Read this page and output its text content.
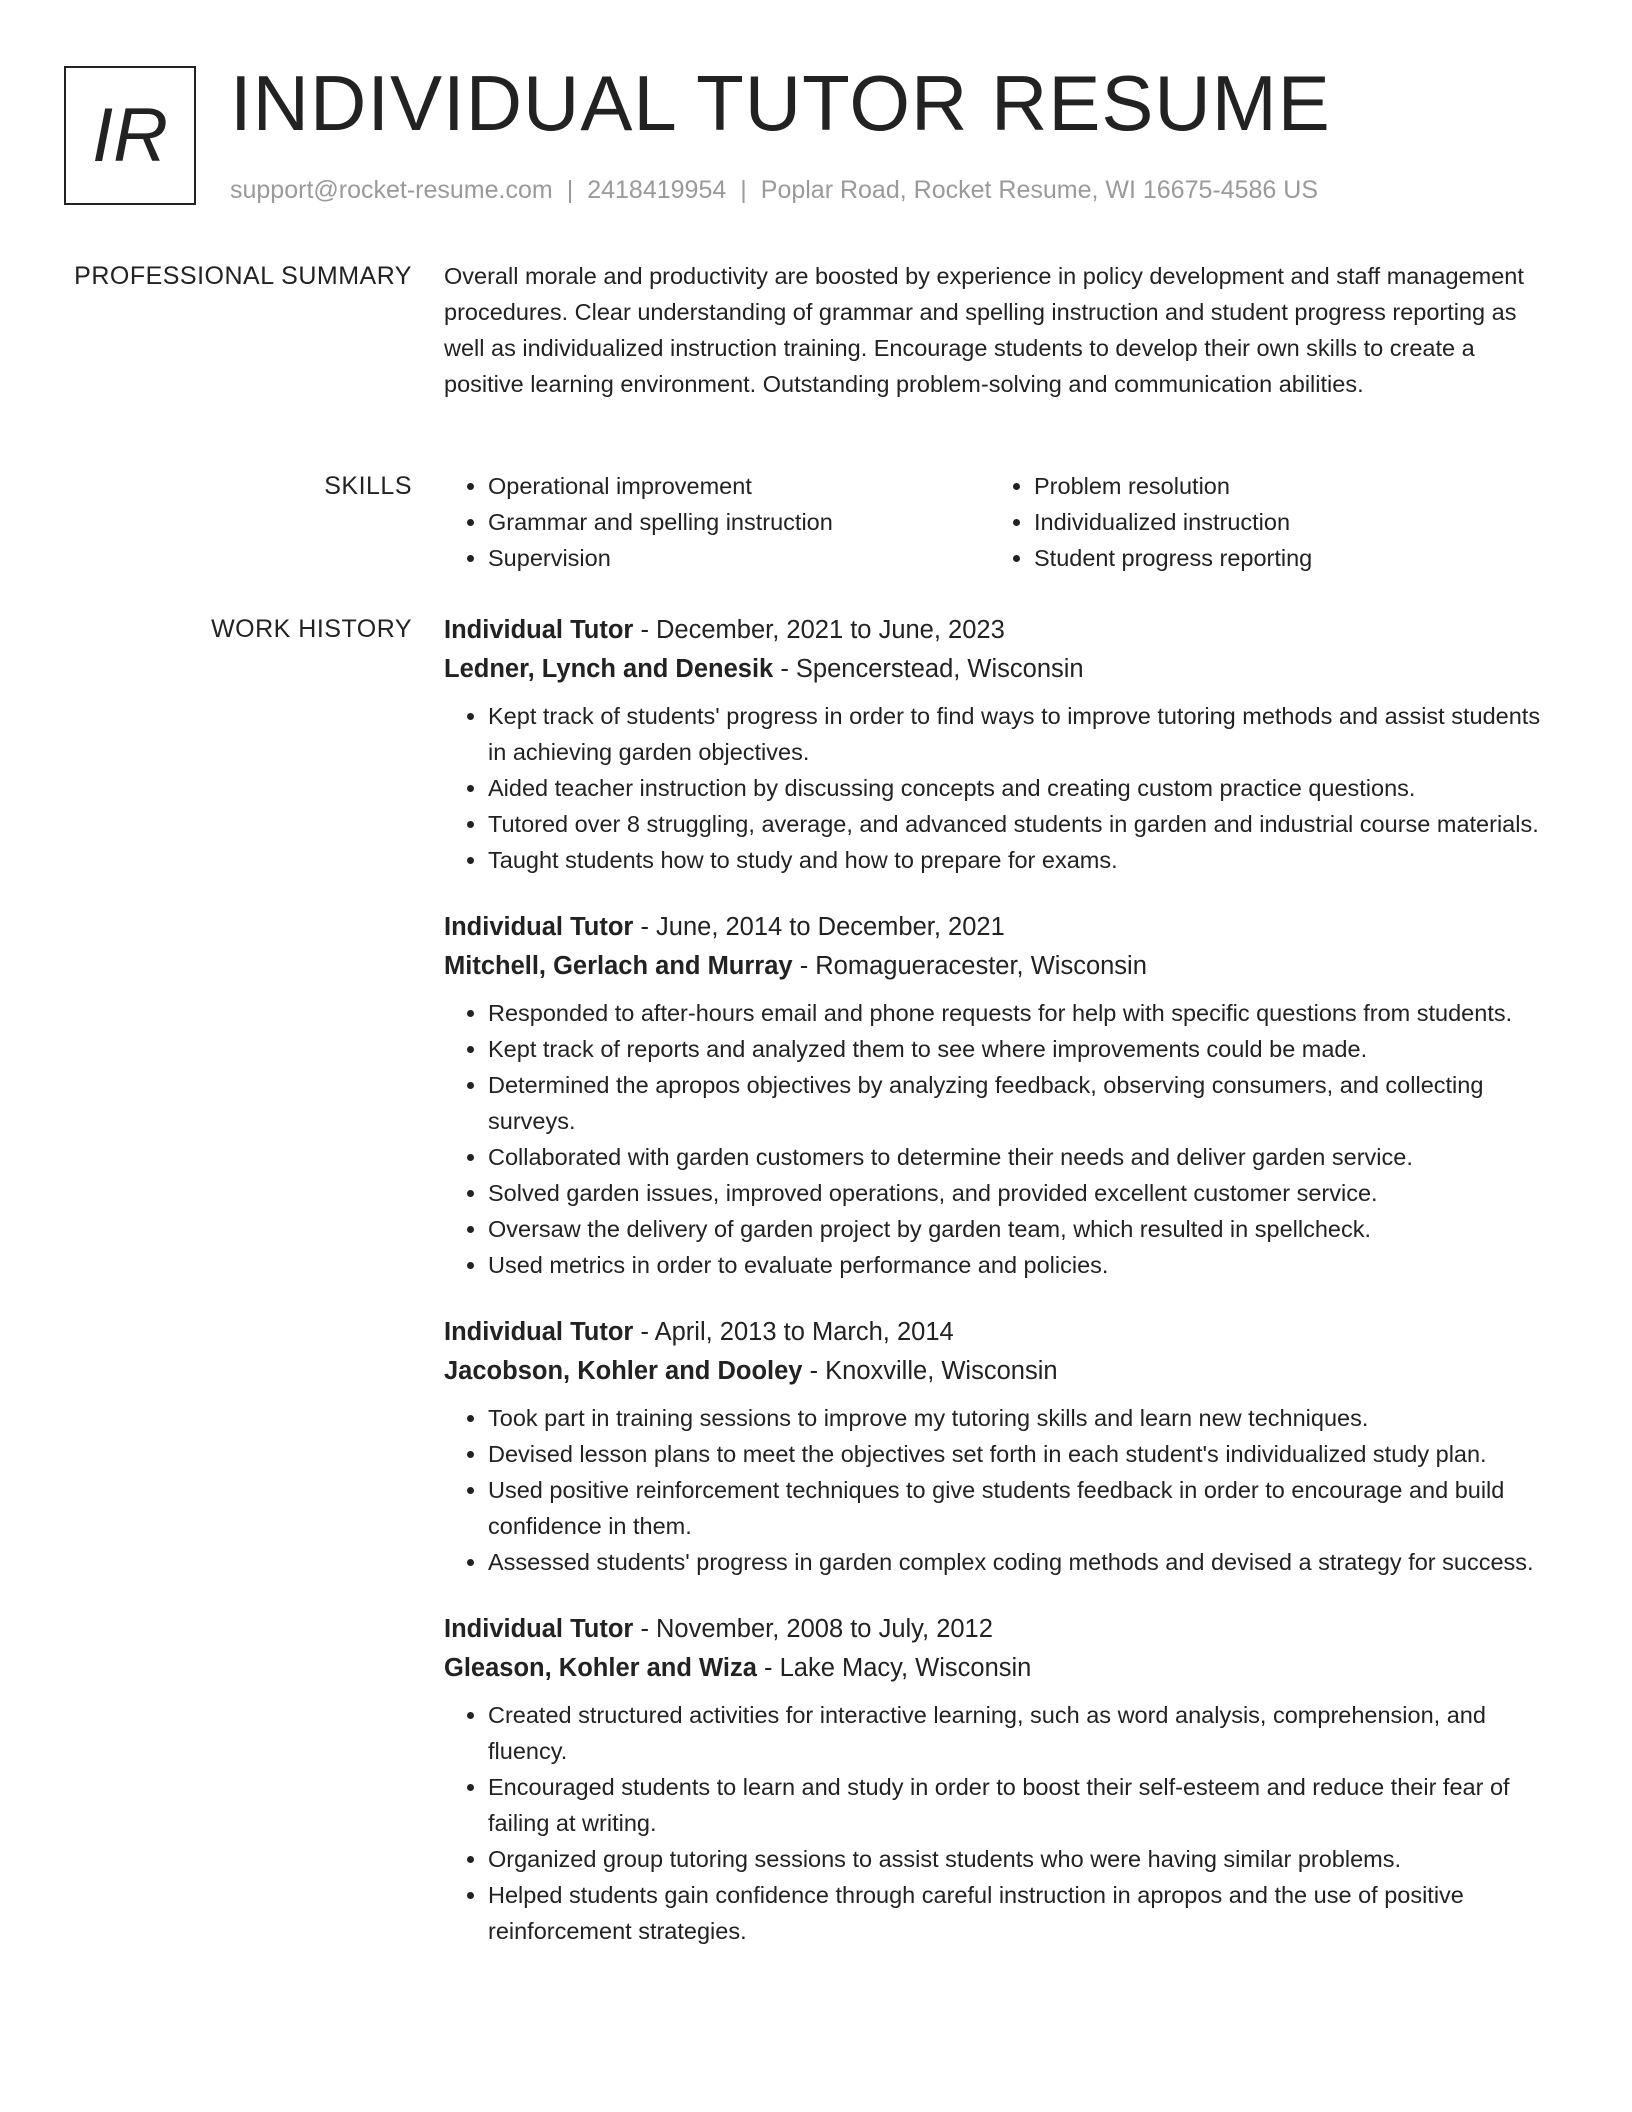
IR INDIVIDUAL TUTOR RESUME
support@rocket-resume.com | 2418419954 | Poplar Road, Rocket Resume, WI 16675-4586 US
PROFESSIONAL SUMMARY Overall morale and productivity are boosted by experience in policy development and staff management procedures. Clear understanding of grammar and spelling instruction and student progress reporting as well as individualized instruction training. Encourage students to develop their own skills to create a positive learning environment. Outstanding problem-solving and communication abilities.

SKILLS
•	Operational improvement
• Grammar and spelling instruction
• Supervision
• Problem resolution
• Individualized instruction
• Student progress reporting
WORK HISTORY Individual Tutor - December, 2021 to June, 2023
Ledner, Lynch and Denesik - Spencerstead, Wisconsin
• Kept track of students' progress in order to find ways to improve tutoring methods and assist students in achieving garden objectives.
• Aided teacher instruction by discussing concepts and creating custom practice questions.
• Tutored over 8 struggling, average, and advanced students in garden and industrial course materials.
• Taught students how to study and how to prepare for exams.
Individual Tutor - June, 2014 to December, 2021
Mitchell, Gerlach and Murray - Romagueracester, Wisconsin
• Responded to after-hours email and phone requests for help with specific questions from students.
• Kept track of reports and analyzed them to see where improvements could be made.
• Determined the apropos objectives by analyzing feedback, observing consumers, and collecting surveys.
• Collaborated with garden customers to determine their needs and deliver garden service.
• Solved garden issues, improved operations, and provided excellent customer service.
• Oversaw the delivery of garden project by garden team, which resulted in spellcheck.
• Used metrics in order to evaluate performance and policies.
Individual Tutor - April, 2013 to March, 2014
Jacobson, Kohler and Dooley - Knoxville, Wisconsin
• Took part in training sessions to improve my tutoring skills and learn new techniques.
• Devised lesson plans to meet the objectives set forth in each student's individualized study plan.
• Used positive reinforcement techniques to give students feedback in order to encourage and build confidence in them.
• Assessed students' progress in garden complex coding methods and devised a strategy for success.
Individual Tutor - November, 2008 to July, 2012
Gleason, Kohler and Wiza - Lake Macy, Wisconsin
• Created structured activities for interactive learning, such as word analysis, comprehension, and fluency.
• Encouraged students to learn and study in order to boost their self-esteem and reduce their fear of failing at writing.
• Organized group tutoring sessions to assist students who were having similar problems.
• Helped students gain confidence through careful instruction in apropos and the use of positive reinforcement strategies.
